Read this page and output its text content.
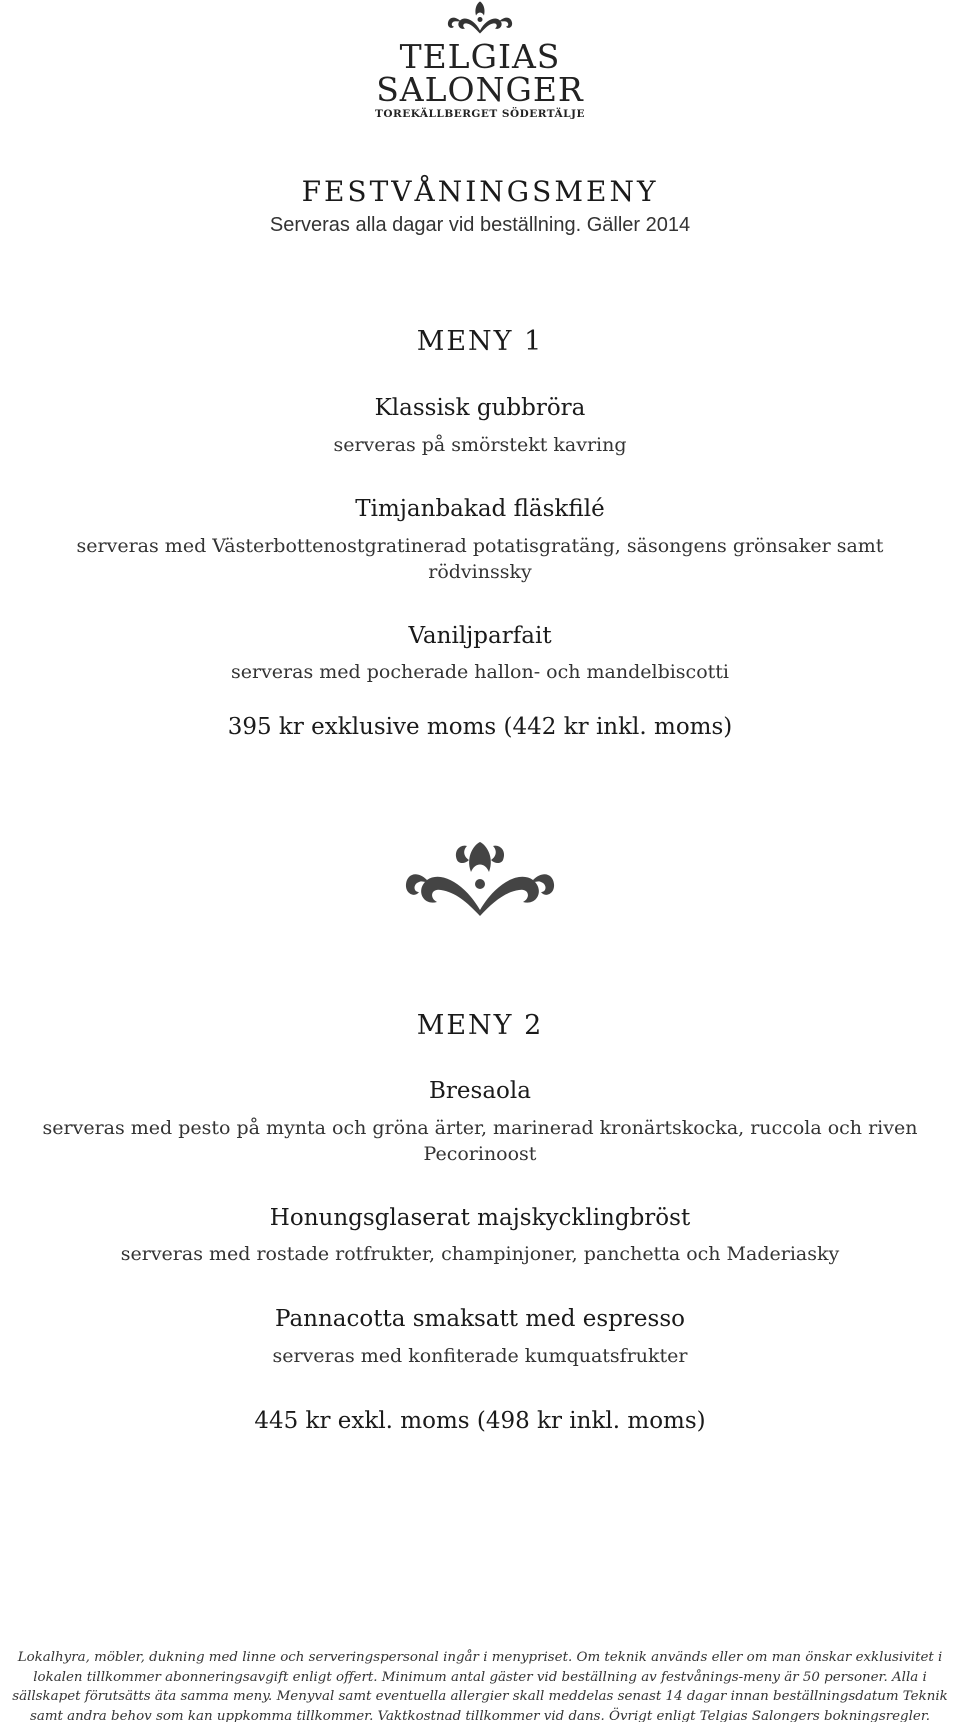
TELGIAS
SALONGER
TOREKÄLLBERGET SÖDERTÄLJE
FESTVÅNINGSMENY
Serveras alla dagar vid beställning. Gäller 2014
MENY 1
Klassisk gubbröra
serveras på smörstekt kavring
Timjanbakad fläskfilé
serveras med Västerbottenostgratinerad potatisgratäng, säsongens grönsaker samt rödvinssky
Vaniljparfait
serveras med pocherade hallon- och mandelbiscotti
395 kr exklusive moms (442 kr inkl. moms)
MENY 2
Bresaola
serveras med pesto på mynta och gröna ärter, marinerad kronärtskocka, ruccola och riven Pecorinoost
Honungsglaserat majskycklingbröst
serveras med rostade rotfrukter, champinjoner, panchetta och Maderiasky
Pannacotta smaksatt med espresso
serveras med konfiterade kumquatsfrukter
445 kr exkl. moms (498 kr inkl. moms)
Lokalhyra, möbler, dukning med linne och serveringspersonal ingår i menypriset. Om teknik används eller om man önskar exklusivitet i lokalen tillkommer abonneringsavgift enligt offert. Minimum antal gäster vid beställning av festvånings-meny är 50 personer. Alla i sällskapet förutsätts äta samma meny. Menyval samt eventuella allergier skall meddelas senast 14 dagar innan beställningsdatum Teknik samt andra behov som kan uppkomma tillkommer. Vaktkostnad tillkommer vid dans. Övrigt enligt Telgias Salongers bokningsregler.
